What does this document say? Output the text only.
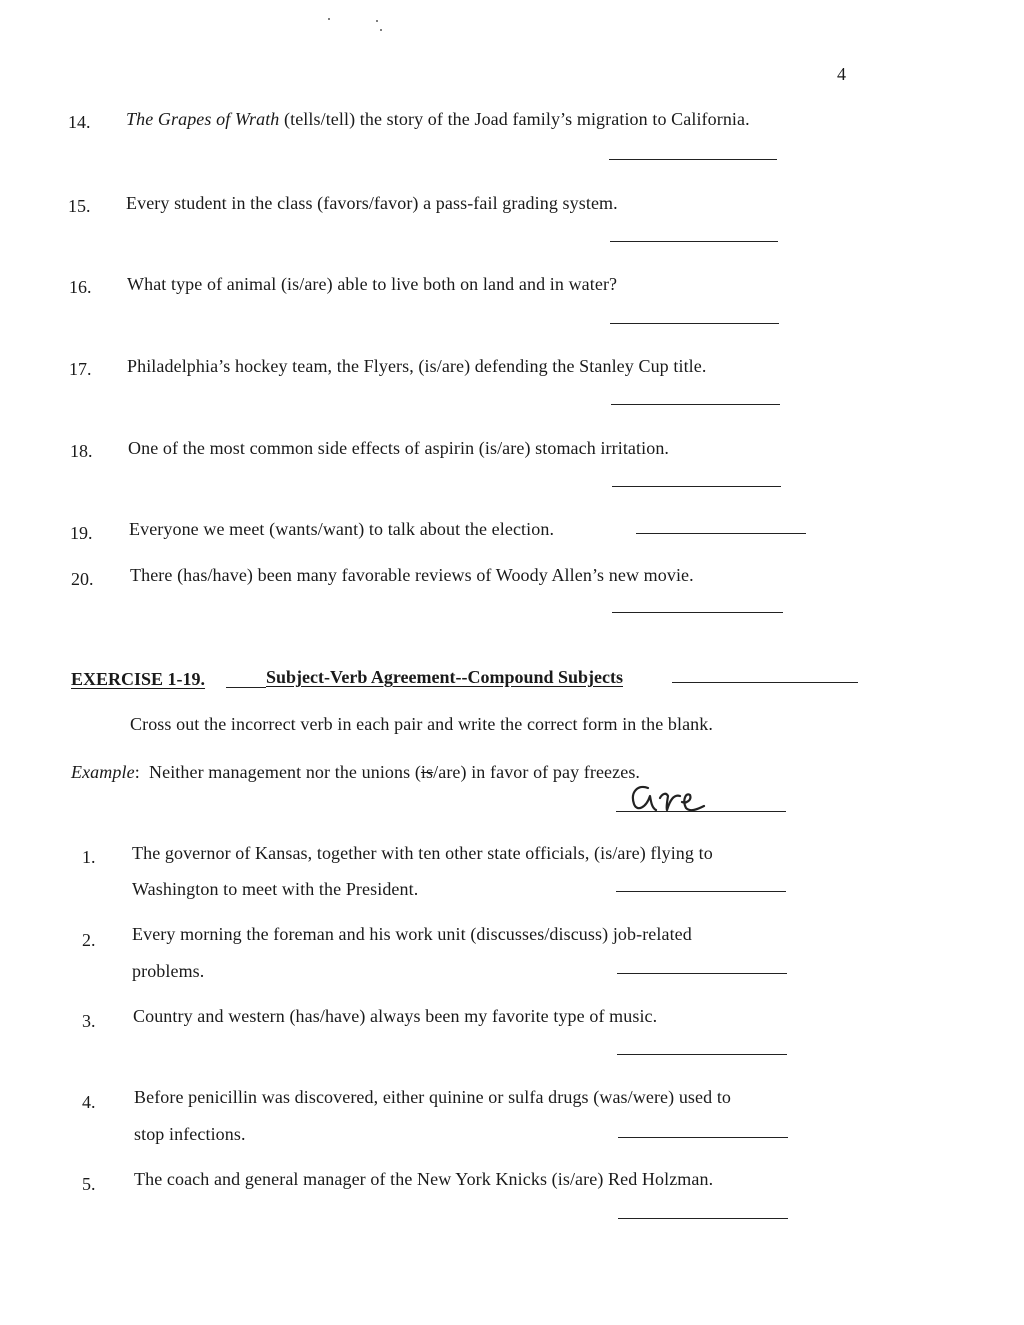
4
14. The Grapes of Wrath (tells/tell) the story of the Joad family’s migration to California.
15. Every student in the class (favors/favor) a pass-fail grading system.
16. What type of animal (is/are) able to live both on land and in water?
17. Philadelphia’s hockey team, the Flyers, (is/are) defending the Stanley Cup title.
18. One of the most common side effects of aspirin (is/are) stomach irritation.
19. Everyone we meet (wants/want) to talk about the election.
20. There (has/have) been many favorable reviews of Woody Allen’s new movie.
EXERCISE 1-19.	Subject-Verb Agreement--Compound Subjects
Cross out the incorrect verb in each pair and write the correct form in the blank.
Example: Neither management nor the unions (is/are) in favor of pay freezes.
1. The governor of Kansas, together with ten other state officials, (is/are) flying to
Washington to meet with the President.
2. Every morning the foreman and his work unit (discusses/discuss) job-related
problems.
3. Country and western (has/have) always been my favorite type of music.
4. Before penicillin was discovered, either quinine or sulfa drugs (was/were) used to
stop infections.
5. The coach and general manager of the New York Knicks (is/are) Red Holzman.
